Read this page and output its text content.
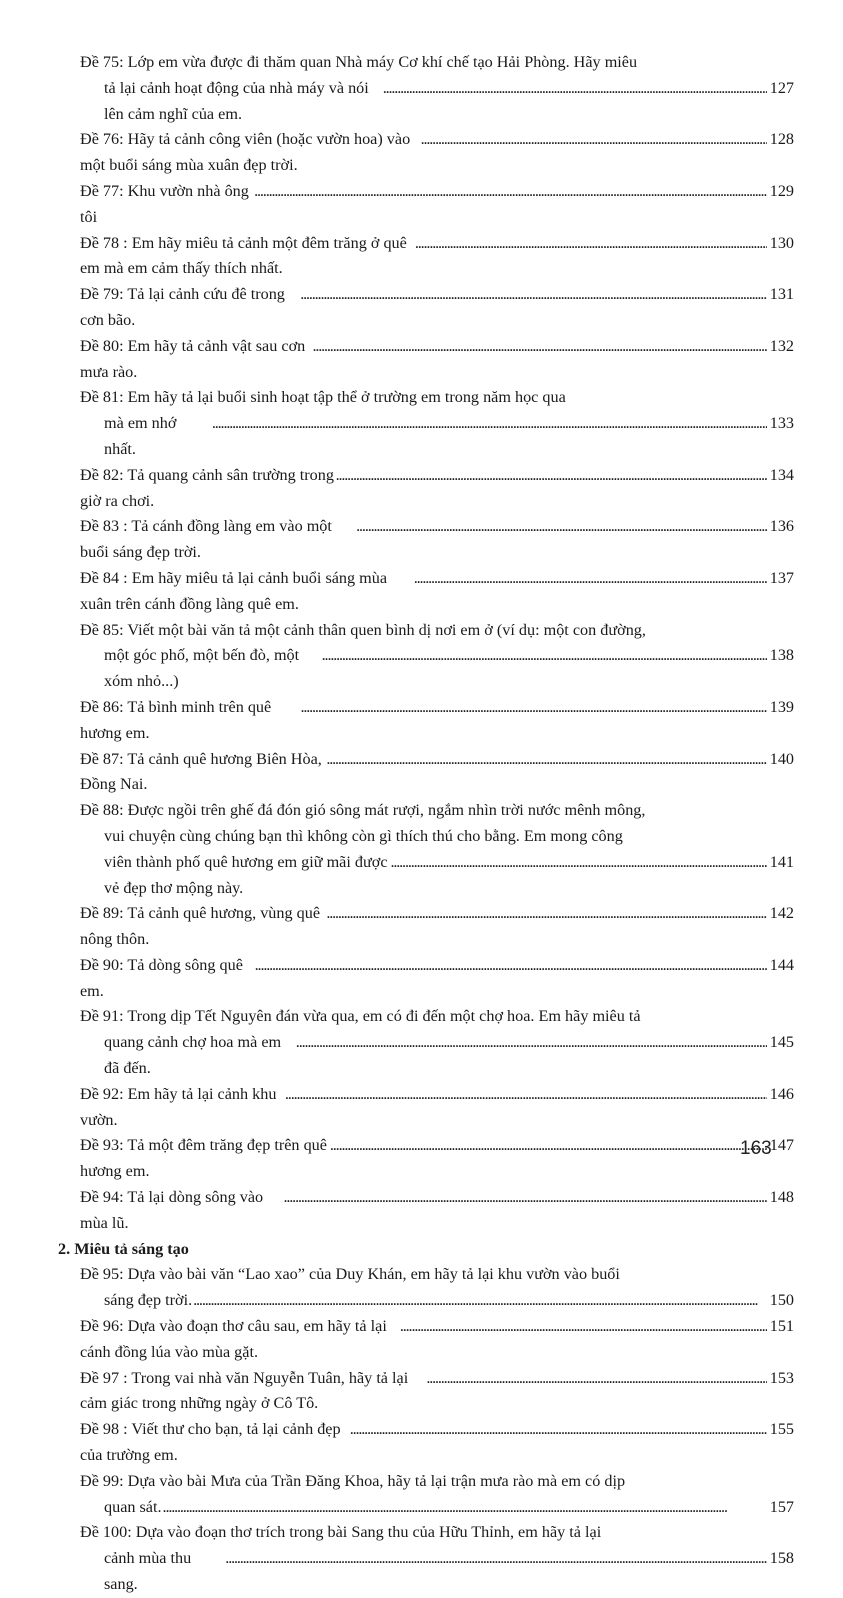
Đề 75: Lớp em vừa được đi thăm quan Nhà máy Cơ khí chế tạo Hải Phòng. Hãy miêu
tả lại cảnh hoạt động của nhà máy và nói lên cảm nghĩ của em.
. . .
127
Đề 76: Hãy tả cảnh công viên (hoặc vườn hoa) vào một buổi sáng mùa xuân đẹp trời.
. . .
128
Đề 77: Khu vườn nhà ông tôi
. . .
129
Đề 78 : Em hãy miêu tả cảnh một đêm trăng ở quê em mà em cảm thấy thích nhất.
. . .
130
Đề 79: Tả lại cảnh cứu đê trong cơn bão.
. . .
131
Đề 80: Em hãy tả cảnh vật sau cơn mưa rào.
. . .
132
Đề 81: Em hãy tả lại buổi sinh hoạt tập thể ở trường em trong năm học qua
mà em nhớ nhất.
. . .
133
Đề 82: Tả quang cảnh sân trường trong giờ ra chơi.
. . .
134
Đề 83 : Tả cánh đồng làng em vào một buổi sáng đẹp trời.
. . .
136
Đề 84 : Em hãy miêu tả lại cảnh buổi sáng mùa xuân trên cánh đồng làng quê em.
. . .
137
Đề 85: Viết một bài văn tả một cảnh thân quen bình dị nơi em ở (ví dụ: một con đường,
một góc phố, một bến đò, một xóm nhỏ...)
. . .
138
Đề 86: Tả bình minh trên quê hương em.
. . .
139
Đề 87: Tả cảnh quê hương Biên Hòa, Đồng Nai.
. . .
140
Đề 88: Được ngồi trên ghế đá đón gió sông mát rượi, ngắm nhìn trời nước mênh mông,
vui chuyện cùng chúng bạn thì không còn gì thích thú cho bằng. Em mong công
viên thành phố quê hương em giữ mãi được vẻ đẹp thơ mộng này.
. . .
141
Đề 89: Tả cảnh quê hương, vùng quê nông thôn.
. . .
142
Đề 90: Tả dòng sông quê em.
. . .
144
Đề 91: Trong dịp Tết Nguyên đán vừa qua, em có đi đến một chợ hoa. Em hãy miêu tả
quang cảnh chợ hoa mà em đã đến.
. . .
145
Đề 92: Em hãy tả lại cảnh khu vườn.
. . .
146
Đề 93: Tả một đêm trăng đẹp trên quê hương em.
. . .
147
Đề 94: Tả lại dòng sông vào mùa lũ.
. . .
148
2. Miêu tả sáng tạo
Đề 95: Dựa vào bài văn “Lao xao” của Duy Khán, em hãy tả lại khu vườn vào buổi
sáng đẹp trời. . . .	150
Đề 96: Dựa vào đoạn thơ câu sau, em hãy tả lại cánh đồng lúa vào mùa gặt.
. . .
151
Đề 97 : Trong vai nhà văn Nguyễn Tuân, hãy tả lại cảm giác trong những ngày ở Cô Tô.
. . .
153
Đề 98 : Viết thư cho bạn, tả lại cảnh đẹp của trường em.
. . .
155
Đề 99: Dựa vào bài Mưa của Trần Đăng Khoa, hãy tả lại trận mưa rào mà em có dịp
quan sát. . . .	157
Đề 100: Dựa vào đoạn thơ trích trong bài Sang thu của Hữu Thỉnh, em hãy tả lại
cảnh mùa thu sang.
. . .
158
163
